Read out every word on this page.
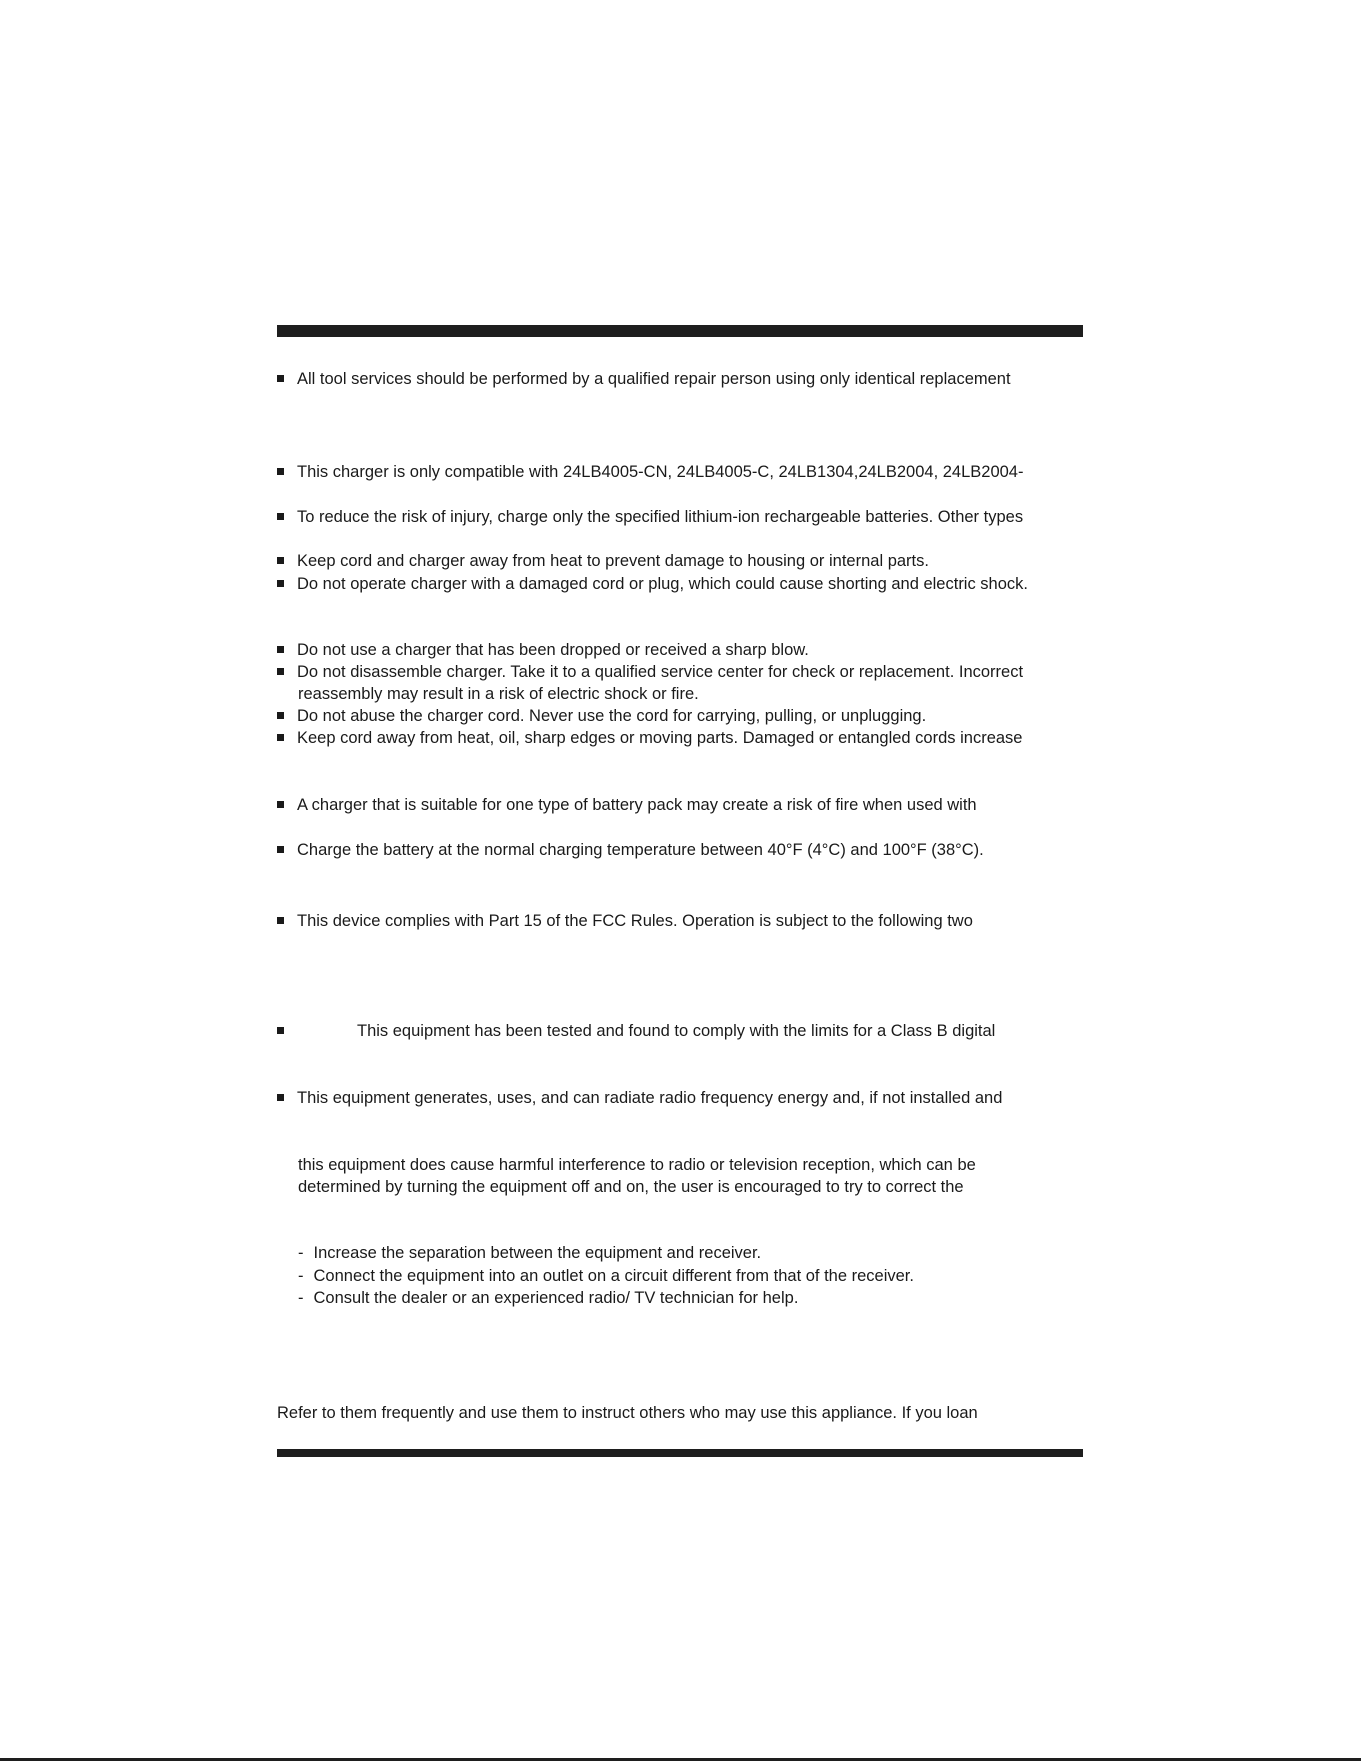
All tool services should be performed by a qualified repair person using only identical replacement
This charger is only compatible with 24LB4005-CN, 24LB4005-C, 24LB1304,24LB2004, 24LB2004-
To reduce the risk of injury, charge only the specified lithium-ion rechargeable batteries. Other types
Keep cord and charger away from heat to prevent damage to housing or internal parts.
Do not operate charger with a damaged cord or plug, which could cause shorting and electric shock.
Do not use a charger that has been dropped or received a sharp blow.
Do not disassemble charger. Take it to a qualified service center for check or replacement. Incorrect
reassembly may result in a risk of electric shock or fire.
Do not abuse the charger cord. Never use the cord for carrying, pulling, or unplugging.
Keep cord away from heat, oil, sharp edges or moving parts. Damaged or entangled cords increase
A charger that is suitable for one type of battery pack may create a risk of fire when used with
Charge the battery at the normal charging temperature between 40°F (4°C) and 100°F (38°C).
This device complies with Part 15 of the FCC Rules. Operation is subject to the following two
This equipment has been tested and found to comply with the limits for a Class B digital
This equipment generates, uses, and can radiate radio frequency energy and, if not installed and
this equipment does cause harmful interference to radio or television reception, which can be
determined by turning the equipment off and on, the user is encouraged to try to correct the
- Increase the separation between the equipment and receiver.
- Connect the equipment into an outlet on a circuit different from that of the receiver.
- Consult the dealer or an experienced radio/ TV technician for help.
Refer to them frequently and use them to instruct others who may use this appliance. If you loan
